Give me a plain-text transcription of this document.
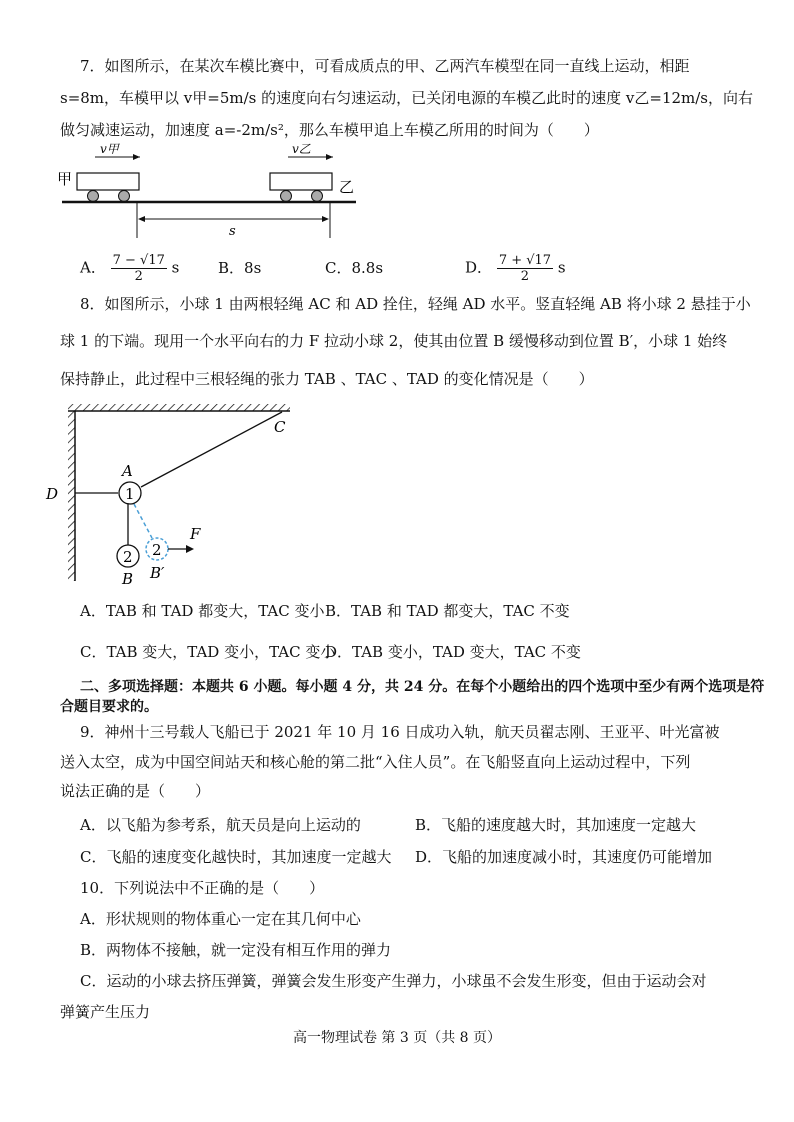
7．如图所示，在某次车模比赛中，可看成质点的甲、乙两汽车模型在同一直线上运动，相距
s=8m，车模甲以 v甲=5m/s 的速度向右匀速运动，已关闭电源的车模乙此时的速度 v乙=12m/s，向右
做匀减速运动，加速度 a=-2m/s²，那么车模甲追上车模乙所用的时间为（　　）
v甲	v乙
甲	乙
s
A． $\frac{7 - √17}{2}$ s	B．8s	C．8.8s	D． $\frac{7 + √17}{2}$ s
8．如图所示，小球 1 由两根轻绳 AC 和 AD 拴住，轻绳 AD 水平。竖直轻绳 AB 将小球 2 悬挂于小
球 1 的下端。现用一个水平向右的力 F 拉动小球 2，使其由位置 B 缓慢移动到位置 B′，小球 1 始终
保持静止，此过程中三根轻绳的张力 TAB 、TAC 、TAD 的变化情况是（　　）
1
2 2
C
A
D
F
B B′
A．TAB 和 TAD 都变大，TAC 变小 B．TAB 和 TAD 都变大，TAC 不变
C．TAB 变大，TAD 变小，TAC 变小
D．TAB 变小，TAD 变大，TAC 不变
二、多项选择题：本题共 6 小题。每小题 4 分，共 24 分。在每个小题给出的四个选项中至少有两个选项是符
合题目要求的。
9．神州十三号载人飞船已于 2021 年 10 月 16 日成功入轨，航天员翟志刚、王亚平、叶光富被
送入太空，成为中国空间站天和核心舱的第二批“入住人员”。在飞船竖直向上运动过程中，下列
说法正确的是（　　）
A．以飞船为参考系，航天员是向上运动的	B．飞船的速度越大时，其加速度一定越大
C．飞船的速度变化越快时，其加速度一定越大 D．飞船的加速度减小时，其速度仍可能增加
10．下列说法中不正确的是（　　）
A．形状规则的物体重心一定在其几何中心
B．两物体不接触，就一定没有相互作用的弹力
C．运动的小球去挤压弹簧，弹簧会发生形变产生弹力，小球虽不会发生形变，但由于运动会对
弹簧产生压力
高一物理试卷 第 3 页（共 8 页）
